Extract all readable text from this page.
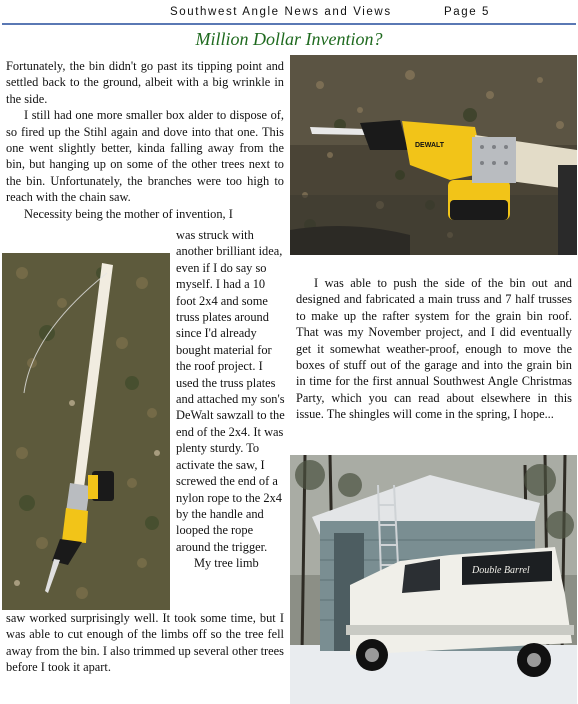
Southwest Angle News and Views	Page 5
Million Dollar Invention?
DEWALT
Double Barrel

Fortunately, the bin didn't go past its tipping point and settled back to the ground, albeit with a big wrinkle in the side.

I still had one more smaller box alder to dispose of, so fired up the Stihl again and dove into that one. This one went slightly better, kinda falling away from the bin, but hanging up on some of the other trees next to the bin. Unfortunately, the branches were too high to reach with the chain saw.

Necessity being the mother of invention, I

was struck with another brilliant idea, even if I do say so myself. I had a 10 foot 2x4 and some truss plates around since I'd already bought material for the roof project. I used the truss plates and attached my son's DeWalt sawzall to the end of the 2x4. It was plenty sturdy. To activate the saw, I screwed the end of a nylon rope to the 2x4 by the handle and looped the rope around the trigger.

My tree limb

saw worked surprisingly well. It took some time, but I was able to cut enough of the limbs off so the tree fell away from the bin. I also trimmed up several other trees before I took it apart.

I was able to push the side of the bin out and designed and fabricated a main truss and 7 half trusses to make up the rafter system for the grain bin roof. That was my November project, and I did eventually get it somewhat weather-proof, enough to move the boxes of stuff out of the garage and into the grain bin in time for the first annual Southwest Angle Christmas Party, which you can read about elsewhere in this issue. The shingles will come in the spring, I hope...
